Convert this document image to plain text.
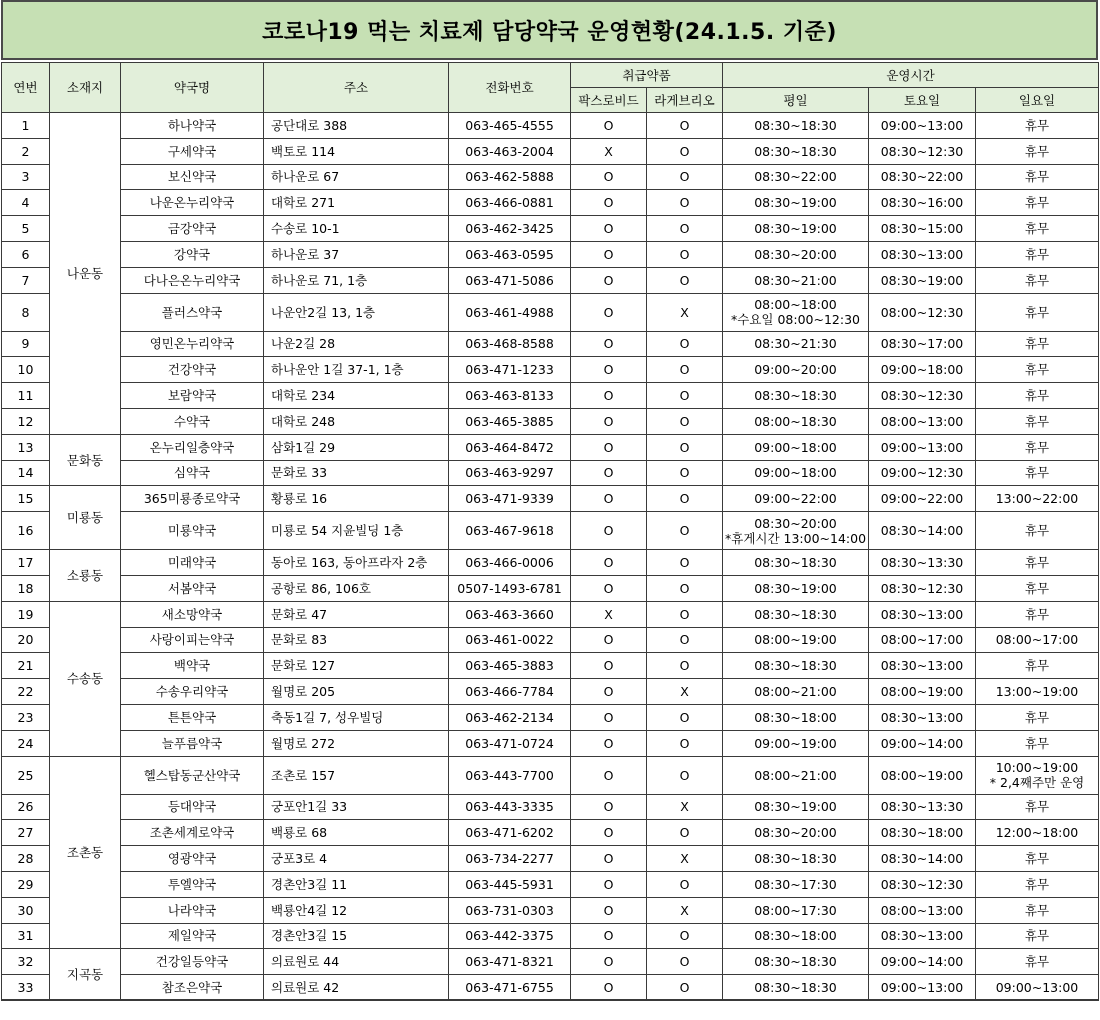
코로나19 먹는 치료제 담당약국 운영현황(24.1.5. 기준)
연번	소재지	약국명	주소	전화번호	취급약품		운영시간		
					팍스로비드	라게브리오	평일	토요일	일요일
1	나운동	하나약국	공단대로 388	063-465-4555	O	O	08:30~18:30	09:00~13:00	휴무

2		구세약국	백토로 114	063-463-2004	X	O	08:30~18:30	08:30~12:30	휴무

3		보신약국	하나운로 67	063-462-5888	O	O	08:30~22:00	08:30~22:00	휴무

4		나운온누리약국	대학로 271	063-466-0881	O	O	08:30~19:00	08:30~16:00	휴무

5		금강약국	수송로 10-1	063-462-3425	O	O	08:30~19:00	08:30~15:00	휴무

6		강약국	하나운로 37	063-463-0595	O	O	08:30~20:00	08:30~13:00	휴무

7		다나은온누리약국	하나운로 71, 1층	063-471-5086	O	O	08:30~21:00	08:30~19:00	휴무

8		플러스약국	나운안2길 13, 1층	063-461-4988	O	X	08:00~18:00
*수요일 08:00~12:30	08:00~12:30	휴무

9		영민온누리약국	나운2길 28	063-468-8588	O	O	08:30~21:30	08:30~17:00	휴무

10		건강약국	하나운안 1길 37-1, 1층	063-471-1233	O	O	09:00~20:00	09:00~18:00	휴무

11		보람약국	대학로 234	063-463-8133	O	O	08:30~18:30	08:30~12:30	휴무

12		수약국	대학로 248	063-465-3885	O	O	08:00~18:30	08:00~13:00	휴무

13	문화동	온누리일층약국	삼화1길 29	063-464-8472	O	O	09:00~18:00	09:00~13:00	휴무

14		심약국	문화로 33	063-463-9297	O	O	09:00~18:00	09:00~12:30	휴무

15	미룡동	365미룡종로약국	황룡로 16	063-471-9339	O	O	09:00~22:00	09:00~22:00	13:00~22:00

16		미룡약국	미룡로 54 지윤빌딩 1층	063-467-9618	O	O	08:30~20:00
*휴게시간 13:00~14:00	08:30~14:00	휴무

17	소룡동	미래약국	동아로 163, 동아프라자 2층	063-466-0006	O	O	08:30~18:30	08:30~13:30	휴무

18		서봄약국	공항로 86, 106호	0507-1493-6781	O	O	08:30~19:00	08:30~12:30	휴무

19	수송동	새소망약국	문화로 47	063-463-3660	X	O	08:30~18:30	08:30~13:00	휴무

20		사랑이피는약국	문화로 83	063-461-0022	O	O	08:00~19:00	08:00~17:00	08:00~17:00

21		백약국	문화로 127	063-465-3883	O	O	08:30~18:30	08:30~13:00	휴무

22		수송우리약국	월명로 205	063-466-7784	O	X	08:00~21:00	08:00~19:00	13:00~19:00

23		튼튼약국	축동1길 7, 성우빌딩	063-462-2134	O	O	08:30~18:00	08:30~13:00	휴무

24		늘푸름약국	월명로 272	063-471-0724	O	O	09:00~19:00	09:00~14:00	휴무

25	조촌동	헬스탑동군산약국	조촌로 157	063-443-7700	O	O	08:00~21:00	08:00~19:00	10:00~19:00
* 2,4째주만 운영

26		등대약국	궁포안1길 33	063-443-3335	O	X	08:30~19:00	08:30~13:30	휴무

27		조촌세계로약국	백룡로 68	063-471-6202	O	O	08:30~20:00	08:30~18:00	12:00~18:00

28		영광약국	궁포3로 4	063-734-2277	O	X	08:30~18:30	08:30~14:00	휴무

29		투엘약국	경촌안3길 11	063-445-5931	O	O	08:30~17:30	08:30~12:30	휴무

30		나라약국	백룡안4길 12	063-731-0303	O	X	08:00~17:30	08:00~13:00	휴무

31		제일약국	경촌안3길 15	063-442-3375	O	O	08:30~18:00	08:30~13:00	휴무

32	지곡동	건강일등약국	의료원로 44	063-471-8321	O	O	08:30~18:30	09:00~14:00	휴무

33		참조은약국	의료원로 42	063-471-6755	O	O	08:30~18:30	09:00~13:00	09:00~13:00
